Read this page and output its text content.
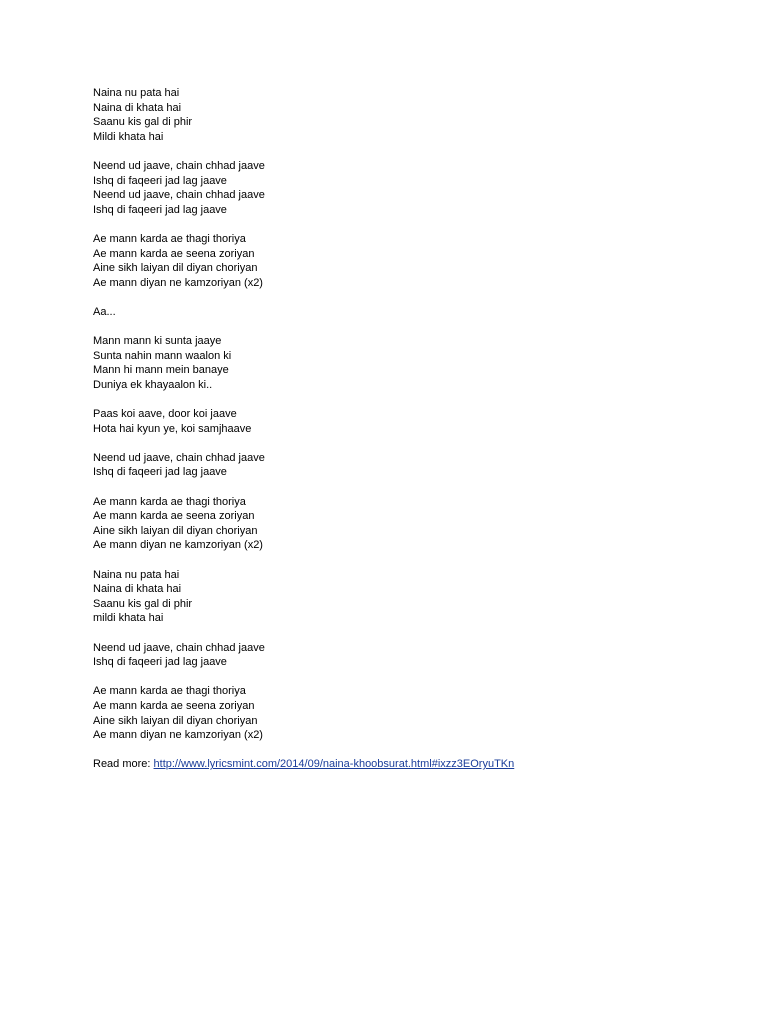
Naina nu pata hai
Naina di khata hai
Saanu kis gal di phir
Mildi khata hai
Neend ud jaave, chain chhad jaave
Ishq di faqeeri jad lag jaave
Neend ud jaave, chain chhad jaave
Ishq di faqeeri jad lag jaave
Ae mann karda ae thagi thoriya
Ae mann karda ae seena zoriyan
Aine sikh laiyan dil diyan choriyan
Ae mann diyan ne kamzoriyan (x2)
Aa...
Mann mann ki sunta jaaye
Sunta nahin mann waalon ki
Mann hi mann mein banaye
Duniya ek khayaalon ki..
Paas koi aave, door koi jaave
Hota hai kyun ye, koi samjhaave
Neend ud jaave, chain chhad jaave
Ishq di faqeeri jad lag jaave
Ae mann karda ae thagi thoriya
Ae mann karda ae seena zoriyan
Aine sikh laiyan dil diyan choriyan
Ae mann diyan ne kamzoriyan (x2)
Naina nu pata hai
Naina di khata hai
Saanu kis gal di phir
mildi khata hai
Neend ud jaave, chain chhad jaave
Ishq di faqeeri jad lag jaave
Ae mann karda ae thagi thoriya
Ae mann karda ae seena zoriyan
Aine sikh laiyan dil diyan choriyan
Ae mann diyan ne kamzoriyan (x2)
Read more: http://www.lyricsmint.com/2014/09/naina-khoobsurat.html#ixzz3EOryuTKn
